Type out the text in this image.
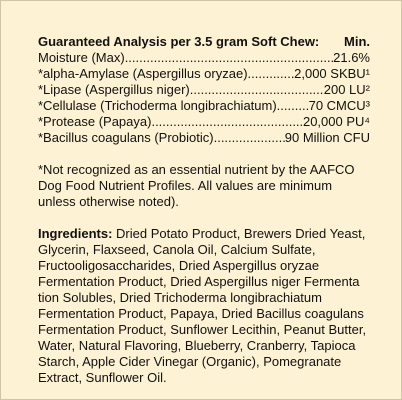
Guaranteed Analysis per 3.5 gram Soft Chew: Min.
Moisture (Max) .....	21.6%
*alpha-Amylase (Aspergillus oryzae) .....	2,000 SKBU¹
*Lipase (Aspergillus niger) .....	200 LU²
*Cellulase (Trichoderma longibrachiatum) ..... 70 CMCU³
*Protease (Papaya) .....	20,000 PU⁴
*Bacillus coagulans (Probiotic) .....	90 Million CFU
*Not recognized as an essential nutrient by the AAFCO Dog Food Nutrient Profiles. All values are minimum unless otherwise noted).
Ingredients: Dried Potato Product, Brewers Dried Yeast, Glycerin, Flaxseed, Canola Oil, Calcium Sulfate, Fructooligosaccharides, Dried Aspergillus oryzae Fermentation Product, Dried Aspergillus niger Fermenta tion Solubles, Dried Trichoderma longibrachiatum Fermentation Product, Papaya, Dried Bacillus coagulans Fermentation Product, Sunflower Lecithin, Peanut Butter, Water, Natural Flavoring, Blueberry, Cranberry, Tapioca Starch, Apple Cider Vinegar (Organic), Pomegranate Extract, Sunflower Oil.
